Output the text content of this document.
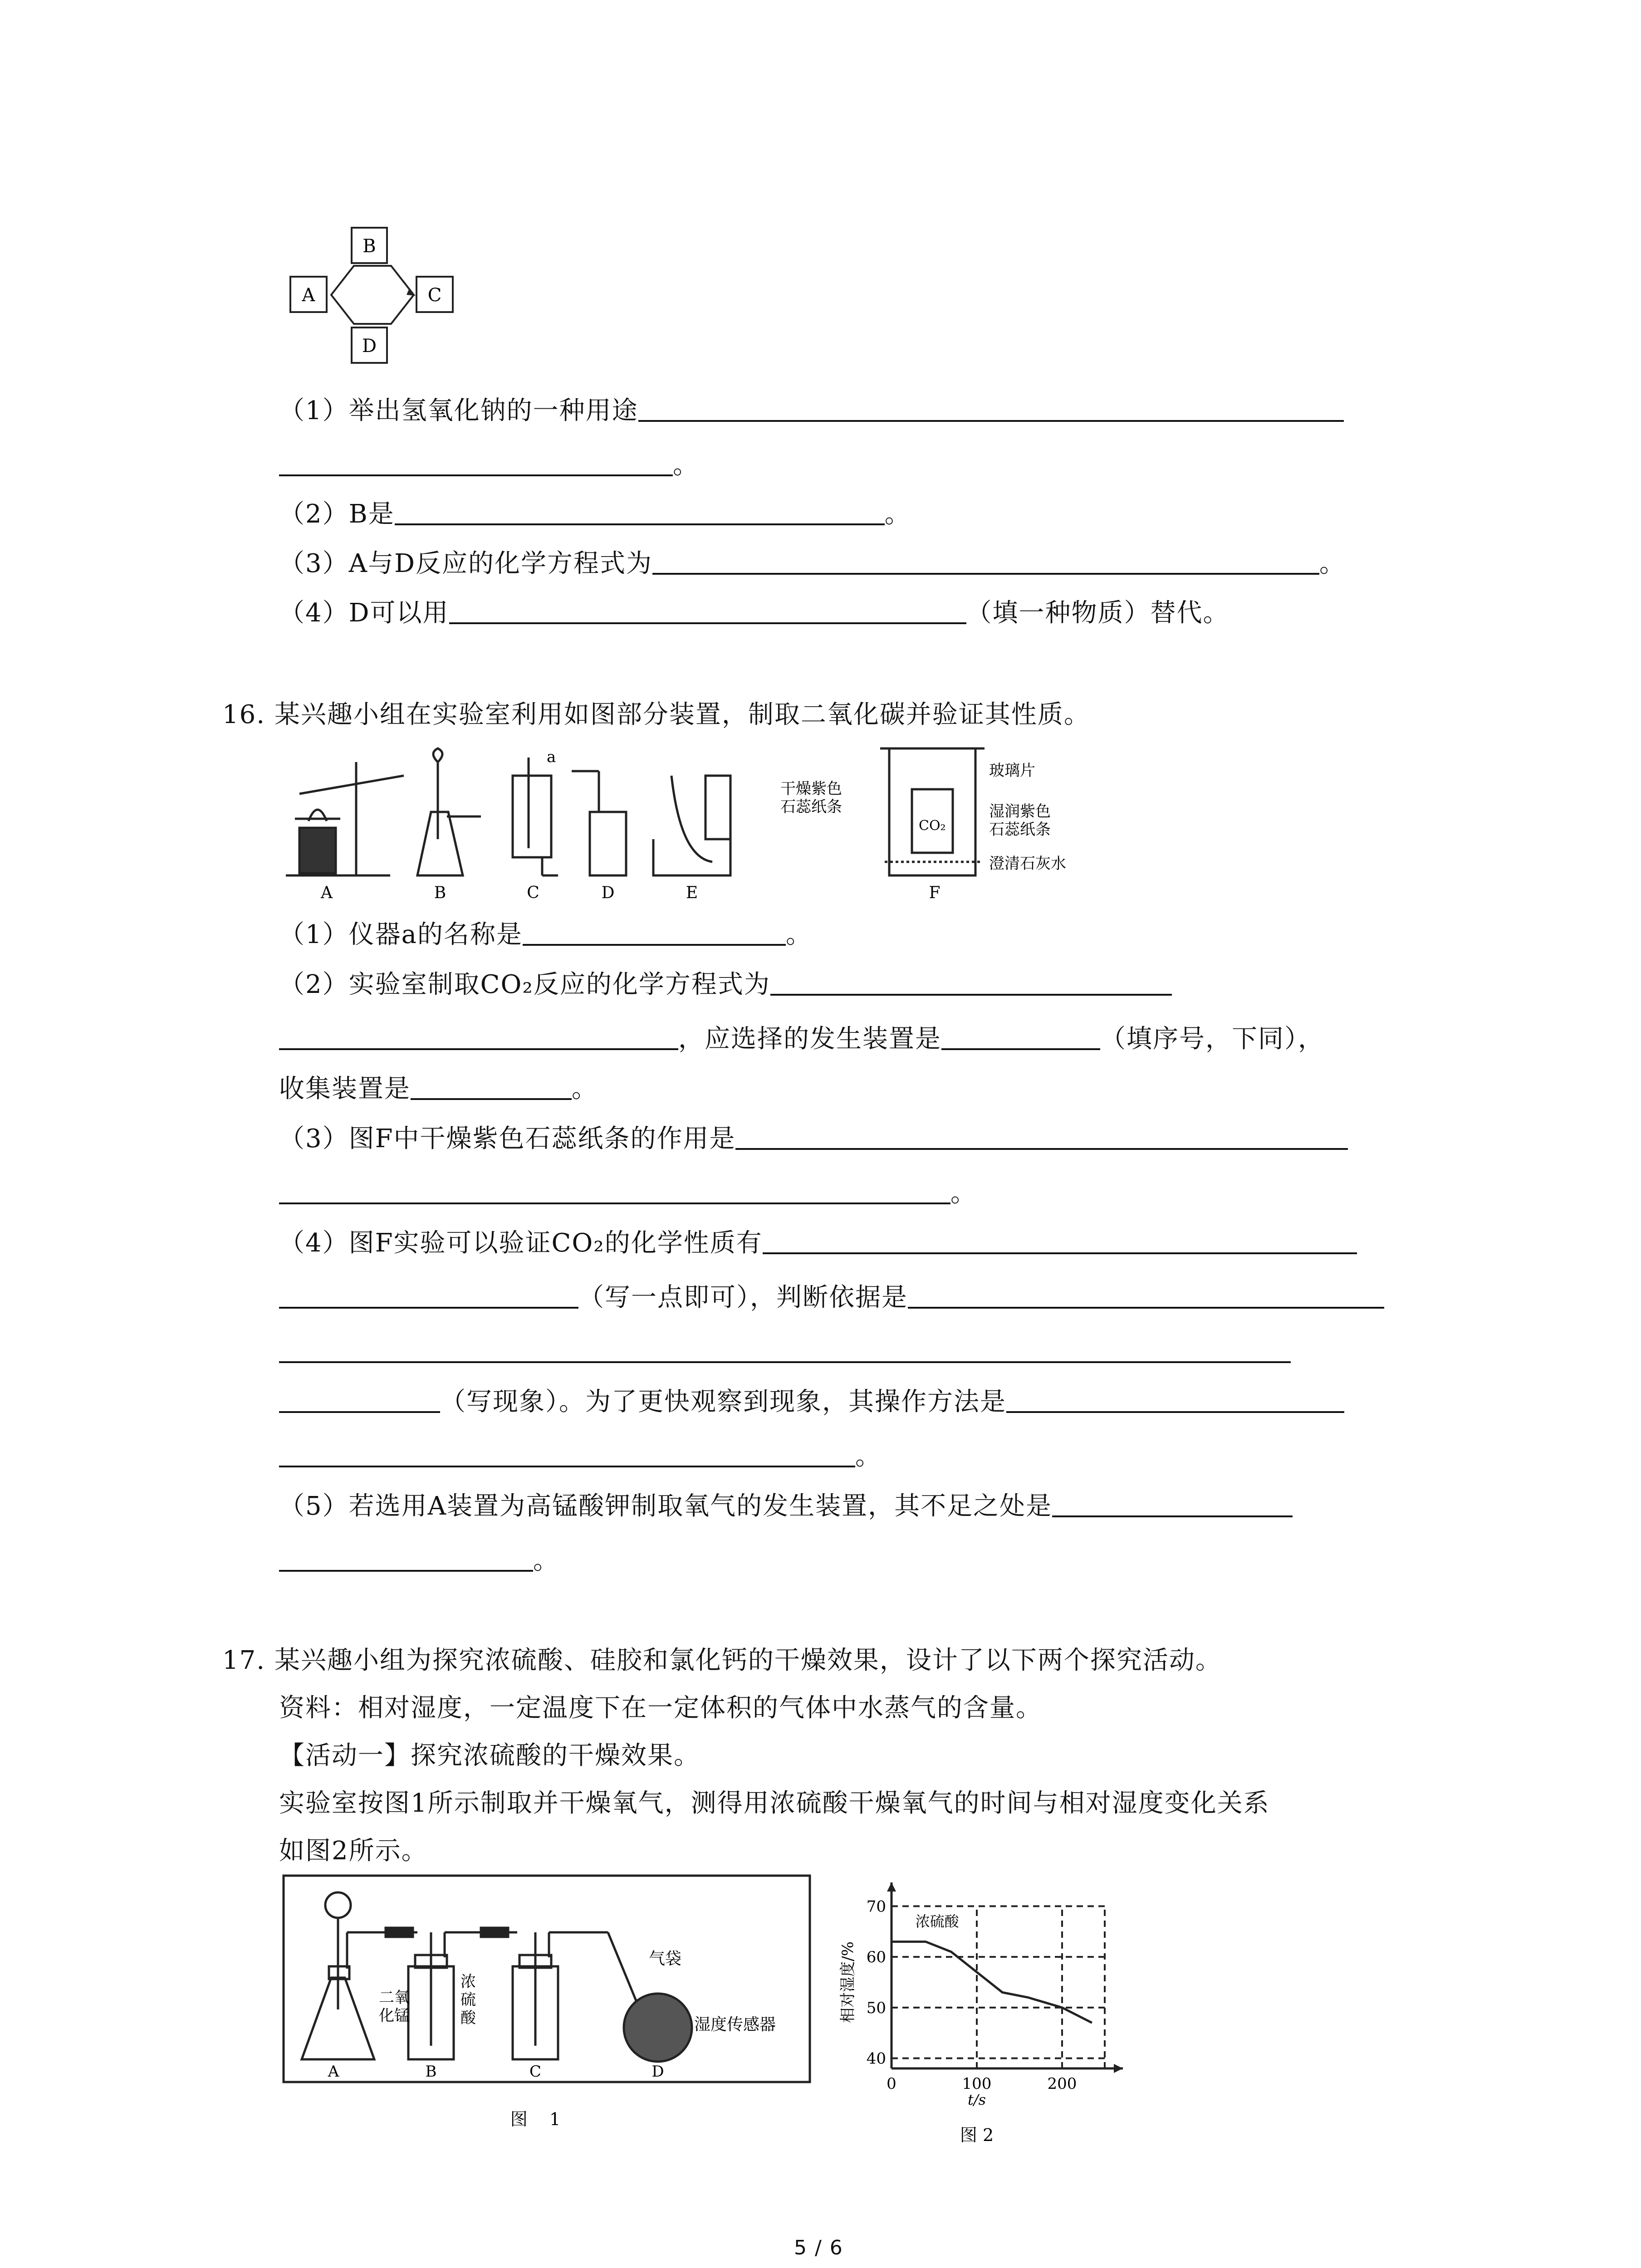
B
A	C
D
（1）举出氢氧化钠的一种用途
。
（2）B是	。
（3）A与D反应的化学方程式为	。
（4）D可以用	（填一种物质）替代。
16. 某兴趣小组在实验室利用如图部分装置，制取二氧化碳并验证其性质。
a
CO₂
干燥紫色
石蕊纸条
玻璃片
湿润紫色
石蕊纸条
澄清石灰水
A	B	C	D	E	F
（1）仪器a的名称是	。
（2）实验室制取CO₂反应的化学方程式为
，应选择的发生装置是	（填序号，下同），
收集装置是	。
（3）图F中干燥紫色石蕊纸条的作用是
。
（4）图F实验可以验证CO₂的化学性质有
（写一点即可），判断依据是
（写现象）。为了更快观察到现象，其操作方法是
。
（5）若选用A装置为高锰酸钾制取氧气的发生装置，其不足之处是
。
17. 某兴趣小组为探究浓硫酸、硅胶和氯化钙的干燥效果，设计了以下两个探究活动。
资料：相对湿度，一定温度下在一定体积的气体中水蒸气的含量。
【活动一】探究浓硫酸的干燥效果。
实验室按图1所示制取并干燥氧气，测得用浓硫酸干燥氧气的时间与相对湿度变化关系
如图2所示。
二氧
化锰
浓
硫
酸
气袋
湿度传感器
A	B	C	D
图    1
40
50
60
70
0	100	200
浓硫酸
相对湿度/%
t/s
图 2
5 / 6
